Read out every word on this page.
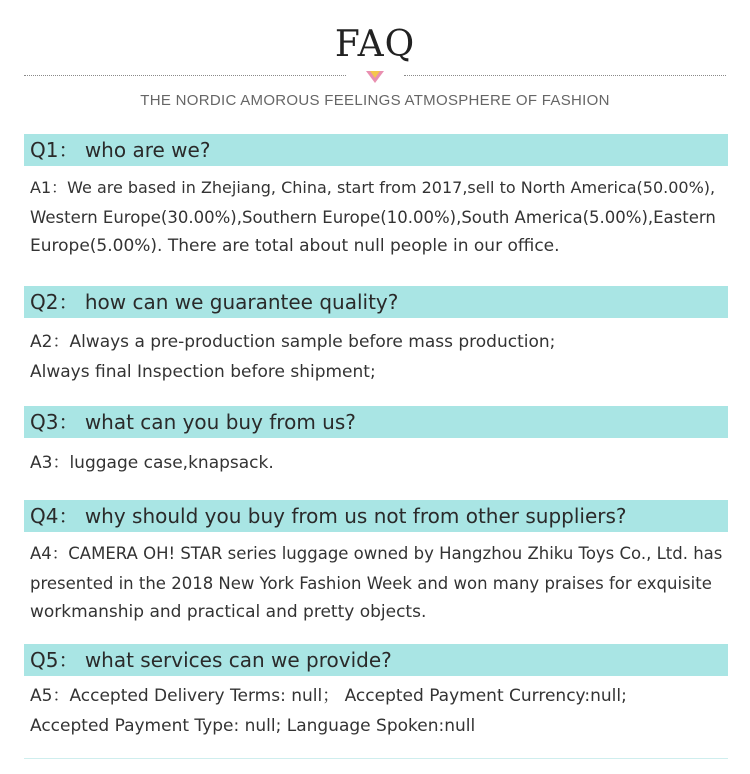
FAQ
THE NORDIC AMOROUS FEELINGS ATMOSPHERE OF FASHION
Q1： who are we?
A1：We are based in Zhejiang, China, start from 2017,sell to North America(50.00%),
Western Europe(30.00%),Southern Europe(10.00%),South America(5.00%),Eastern
Europe(5.00%). There are total about null people in our office.
Q2： how can we guarantee quality?
A2：Always a pre-production sample before mass production;
Always final Inspection before shipment;
Q3： what can you buy from us?
A3：luggage case,knapsack.
Q4： why should you buy from us not from other suppliers?
A4：CAMERA OH! STAR series luggage owned by Hangzhou Zhiku Toys Co., Ltd. has
presented in the 2018 New York Fashion Week and won many praises for exquisite
workmanship and practical and pretty objects.
Q5： what services can we provide?
A5：Accepted Delivery Terms: null； Accepted Payment Currency:null;
Accepted Payment Type: null; Language Spoken:null
